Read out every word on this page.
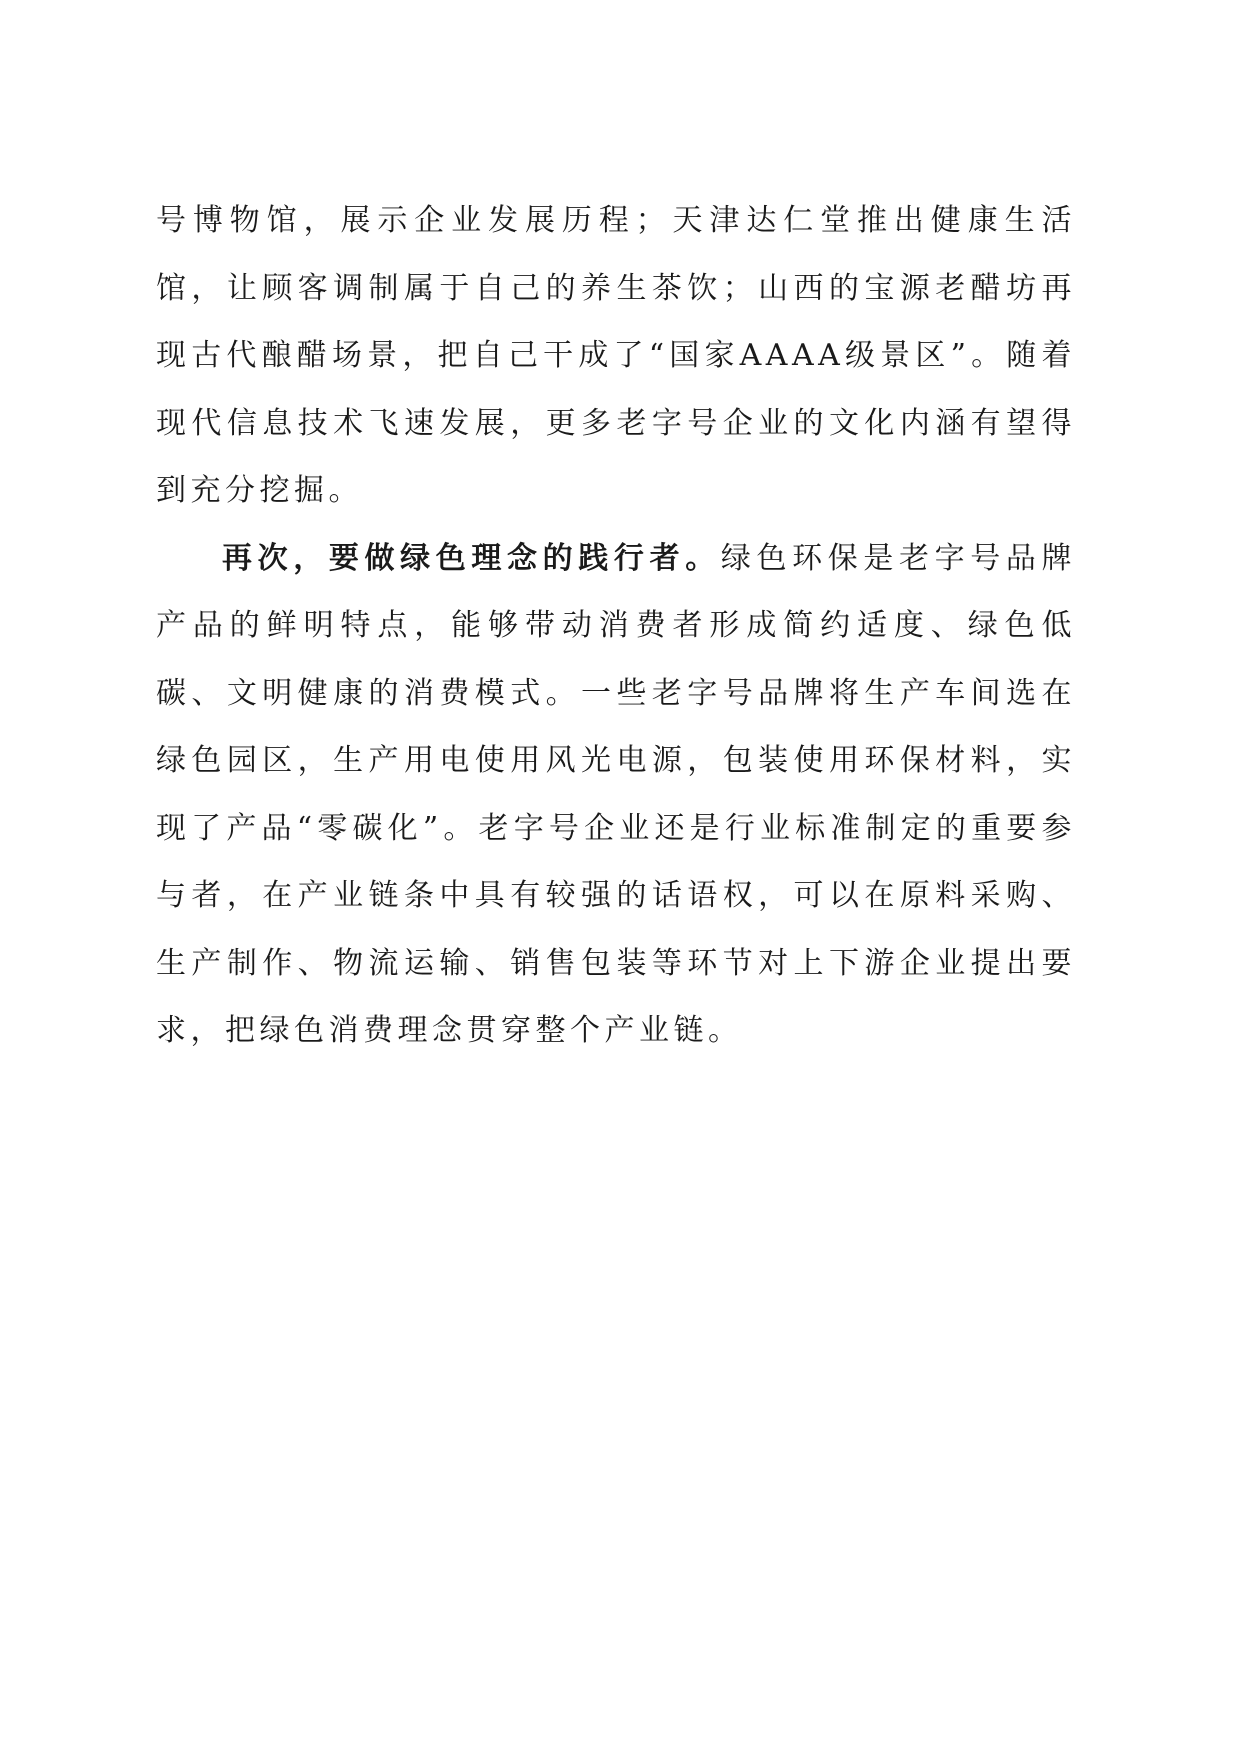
号博物馆，展示企业发展历程；天津达仁堂推出健康生活馆，让顾客调制属于自己的养生茶饮；山西的宝源老醋坊再现古代酿醋场景，把自己干成了“国家AAAA级景区”。随着现代信息技术飞速发展，更多老字号企业的文化内涵有望得到充分挖掘。

再次，要做绿色理念的践行者。绿色环保是老字号品牌产品的鲜明特点，能够带动消费者形成简约适度、绿色低碳、文明健康的消费模式。一些老字号品牌将生产车间选在绿色园区，生产用电使用风光电源，包装使用环保材料，实现了产品“零碳化”。老字号企业还是行业标准制定的重要参与者，在产业链条中具有较强的话语权，可以在原料采购、生产制作、物流运输、销售包装等环节对上下游企业提出要求，把绿色消费理念贯穿整个产业链。
